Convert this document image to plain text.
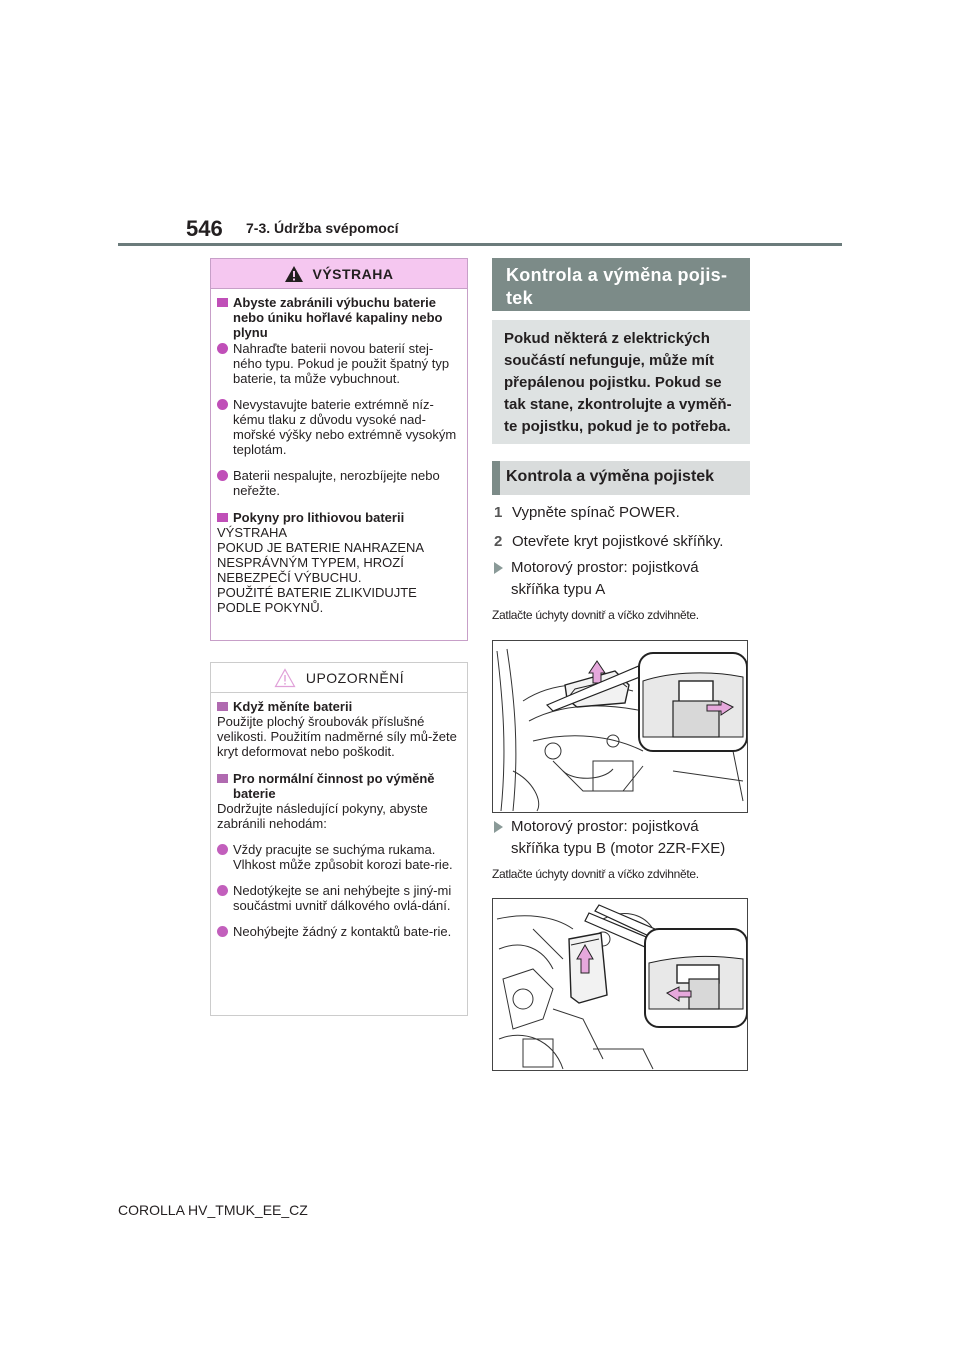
546 7-3. Údržba svépomocí
VÝSTRAHA
Abyste zabránili výbuchu baterie nebo úniku hořlavé kapaliny nebo plynu
Nahraďte baterii novou baterií stej-ného typu. Pokud je použit špatný typ baterie, ta může vybuchnout.
Nevystavujte baterie extrémně níz-kému tlaku z důvodu vysoké nad-mořské výšky nebo extrémně vysokým teplotám.
Baterii nespalujte, nerozbíjejte nebo neřežte.
Pokyny pro lithiovou baterii
VÝSTRAHA
POKUD JE BATERIE NAHRAZENA NESPRÁVNÝM TYPEM, HROZÍ NEBEZPEČÍ VÝBUCHU.
POUŽITÉ BATERIE ZLIKVIDUJTE PODLE POKYNŮ.
UPOZORNĚNÍ
Když měníte baterii
Použijte plochý šroubovák příslušné velikosti. Použitím nadměrné síly mů-žete kryt deformovat nebo poškodit.
Pro normální činnost po výměně baterie
Dodržujte následující pokyny, abyste zabránili nehodám:
Vždy pracujte se suchýma rukama. Vlhkost může způsobit korozi bate-rie.
Nedotýkejte se ani nehýbejte s jiný-mi součástmi uvnitř dálkového ovlá-dání.
Neohýbejte žádný z kontaktů bate-rie.
Kontrola a výměna pojis-tek
Pokud některá z elektrických součástí nefunguje, může mít přepálenou pojistku. Pokud se tak stane, zkontrolujte a vyměň-te pojistku, pokud je to potřeba.
Kontrola a výměna pojistek
1 Vypněte spínač POWER.
2 Otevřete kryt pojistkové skříňky.
Motorový prostor: pojistková skříňka typu A
Zatlačte úchyty dovnitř a víčko zdvihněte.
Motorový prostor: pojistková skříňka typu B (motor 2ZR-FXE)
Zatlačte úchyty dovnitř a víčko zdvihněte.
COROLLA HV_TMUK_EE_CZ
